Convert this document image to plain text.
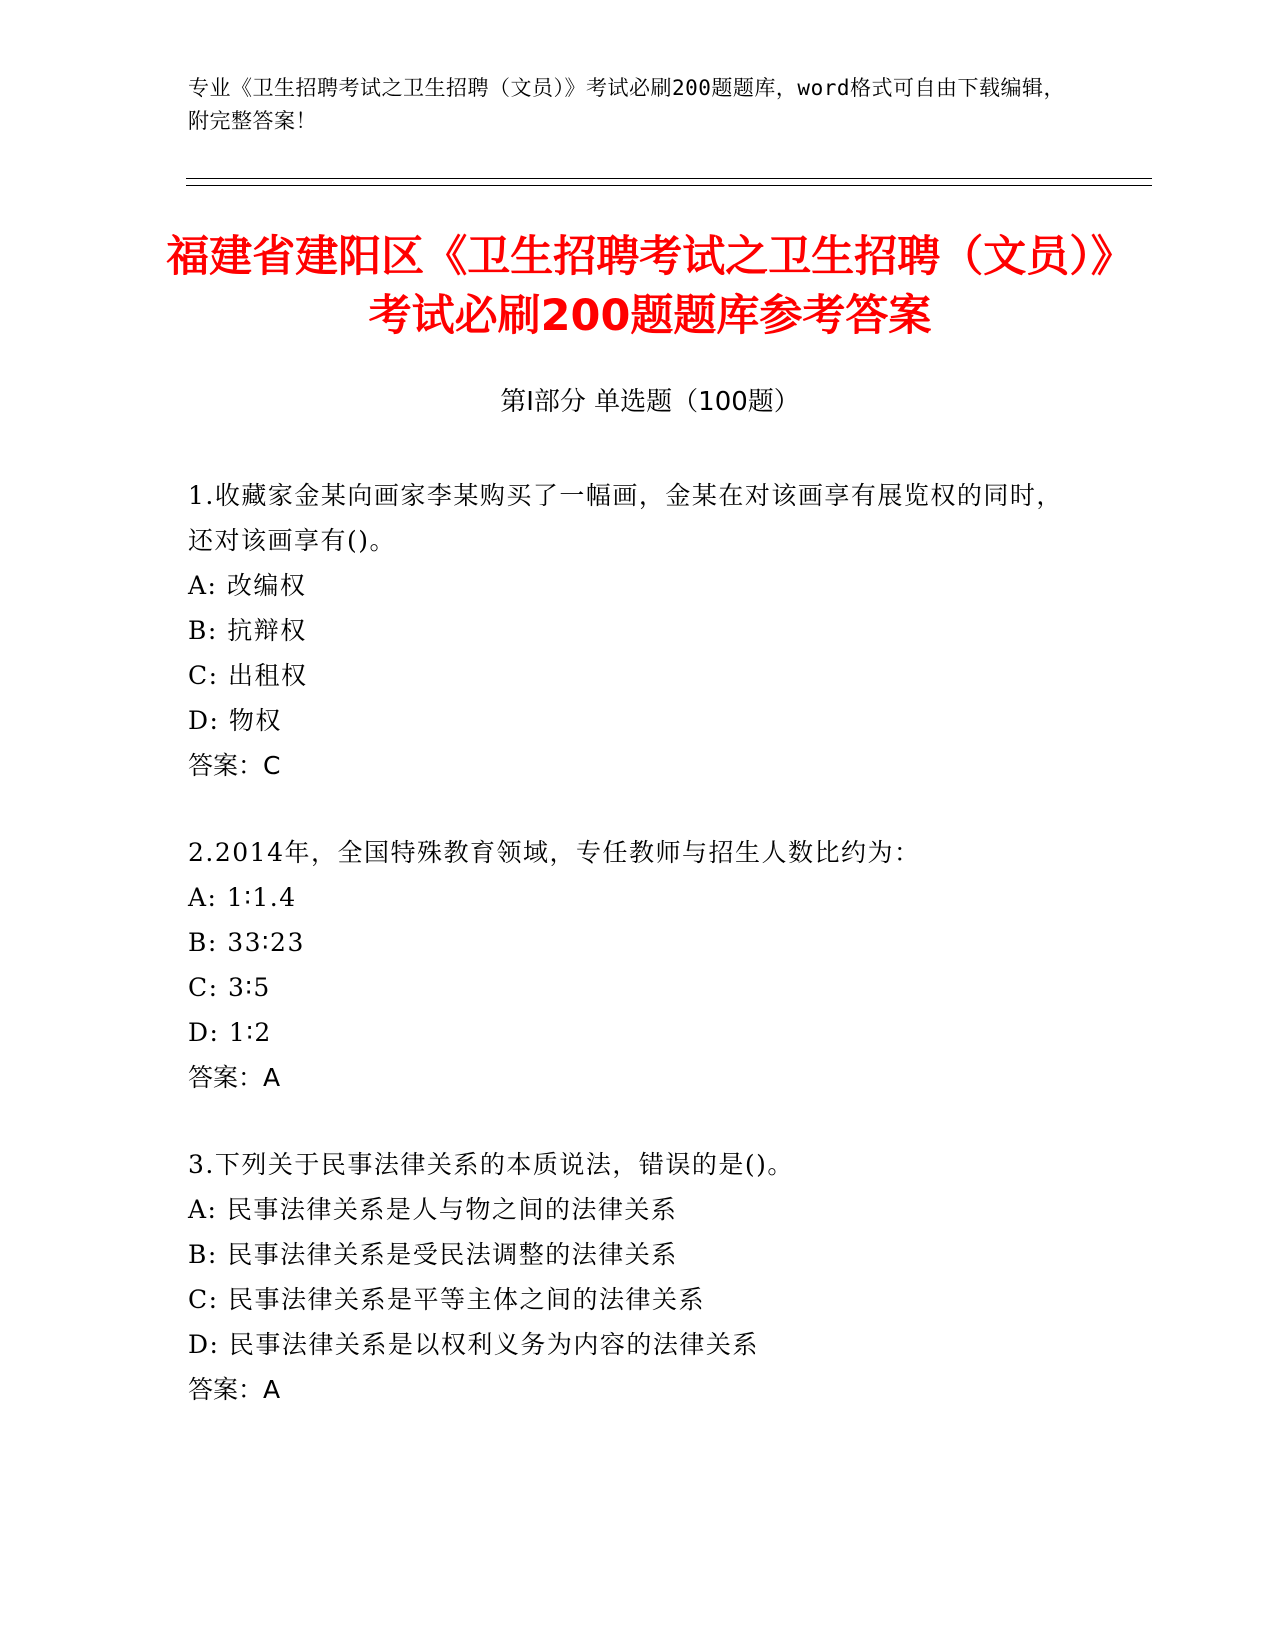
专业《卫生招聘考试之卫生招聘（文员）》考试必刷200题题库，word格式可自由下载编辑，附完整答案！
福建省建阳区《卫生招聘考试之卫生招聘（文员）》考试必刷200题题库参考答案
第I部分 单选题（100题）

1.收藏家金某向画家李某购买了一幅画，金某在对该画享有展览权的同时，还对该画享有()。

A: 改编权

B: 抗辩权

C: 出租权

D: 物权

答案：C

2.2014年，全国特殊教育领域，专任教师与招生人数比约为：

A: 1∶1.4

B: 33∶23

C: 3∶5

D: 1∶2

答案：A

3.下列关于民事法律关系的本质说法，错误的是()。

A: 民事法律关系是人与物之间的法律关系

B: 民事法律关系是受民法调整的法律关系

C: 民事法律关系是平等主体之间的法律关系

D: 民事法律关系是以权利义务为内容的法律关系

答案：A
